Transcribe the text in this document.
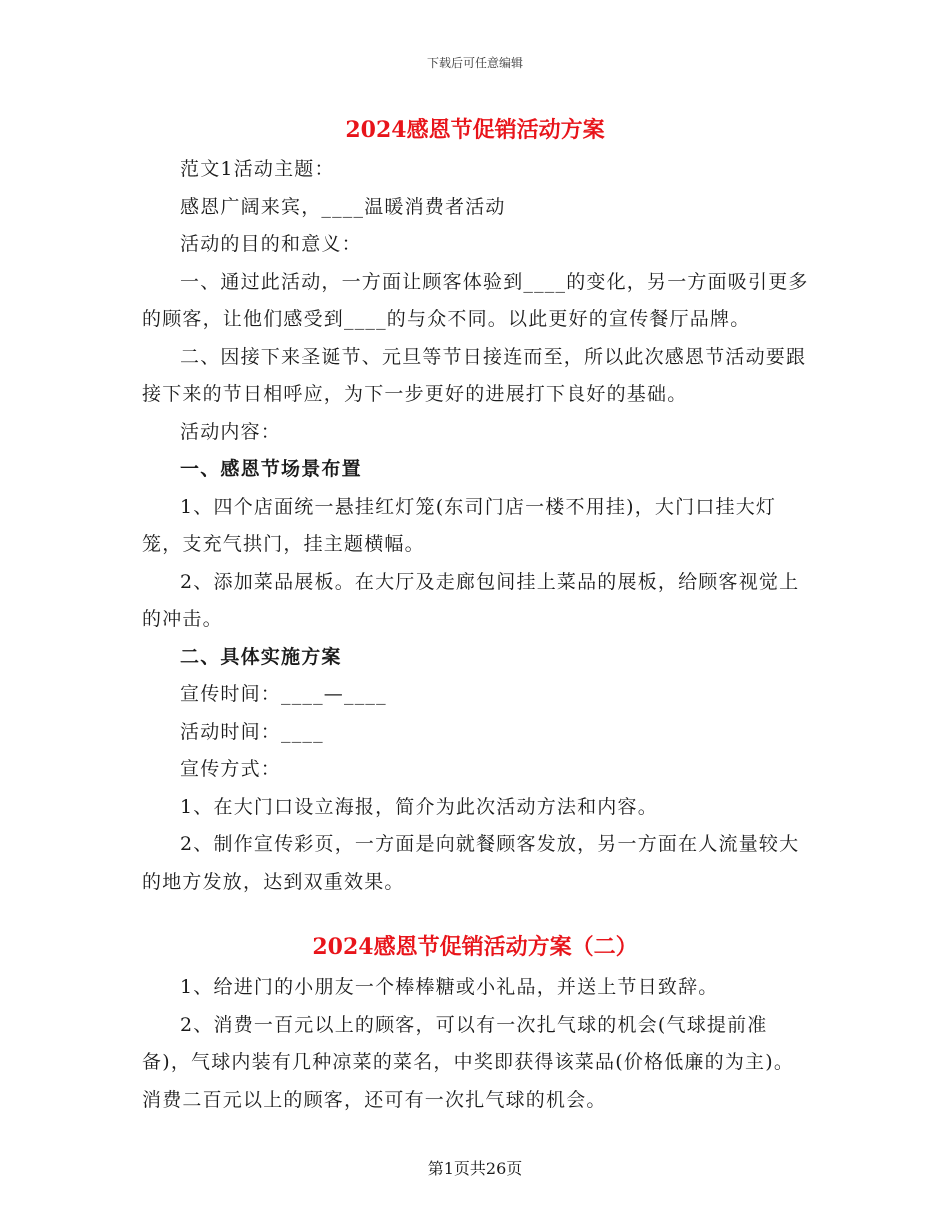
下载后可任意编辑
2024感恩节促销活动方案

范文1活动主题：

感恩广阔来宾，____温暖消费者活动

活动的目的和意义：

一、通过此活动，一方面让顾客体验到____的变化，另一方面吸引更多的顾客，让他们感受到____的与众不同。以此更好的宣传餐厅品牌。

二、因接下来圣诞节、元旦等节日接连而至，所以此次感恩节活动要跟接下来的节日相呼应，为下一步更好的进展打下良好的基础。

活动内容：

一、感恩节场景布置

1、四个店面统一悬挂红灯笼(东司门店一楼不用挂)，大门口挂大灯笼，支充气拱门，挂主题横幅。

2、添加菜品展板。在大厅及走廊包间挂上菜品的展板，给顾客视觉上的冲击。

二、具体实施方案

宣传时间：____—____

活动时间：____

宣传方式：

1、在大门口设立海报，简介为此次活动方法和内容。

2、制作宣传彩页，一方面是向就餐顾客发放，另一方面在人流量较大的地方发放，达到双重效果。

2024感恩节促销活动方案（二）

1、给进门的小朋友一个棒棒糖或小礼品，并送上节日致辞。

2、消费一百元以上的顾客，可以有一次扎气球的机会(气球提前准备)，气球内装有几种凉菜的菜名，中奖即获得该菜品(价格低廉的为主)。消费二百元以上的顾客，还可有一次扎气球的机会。

第1页共26页
